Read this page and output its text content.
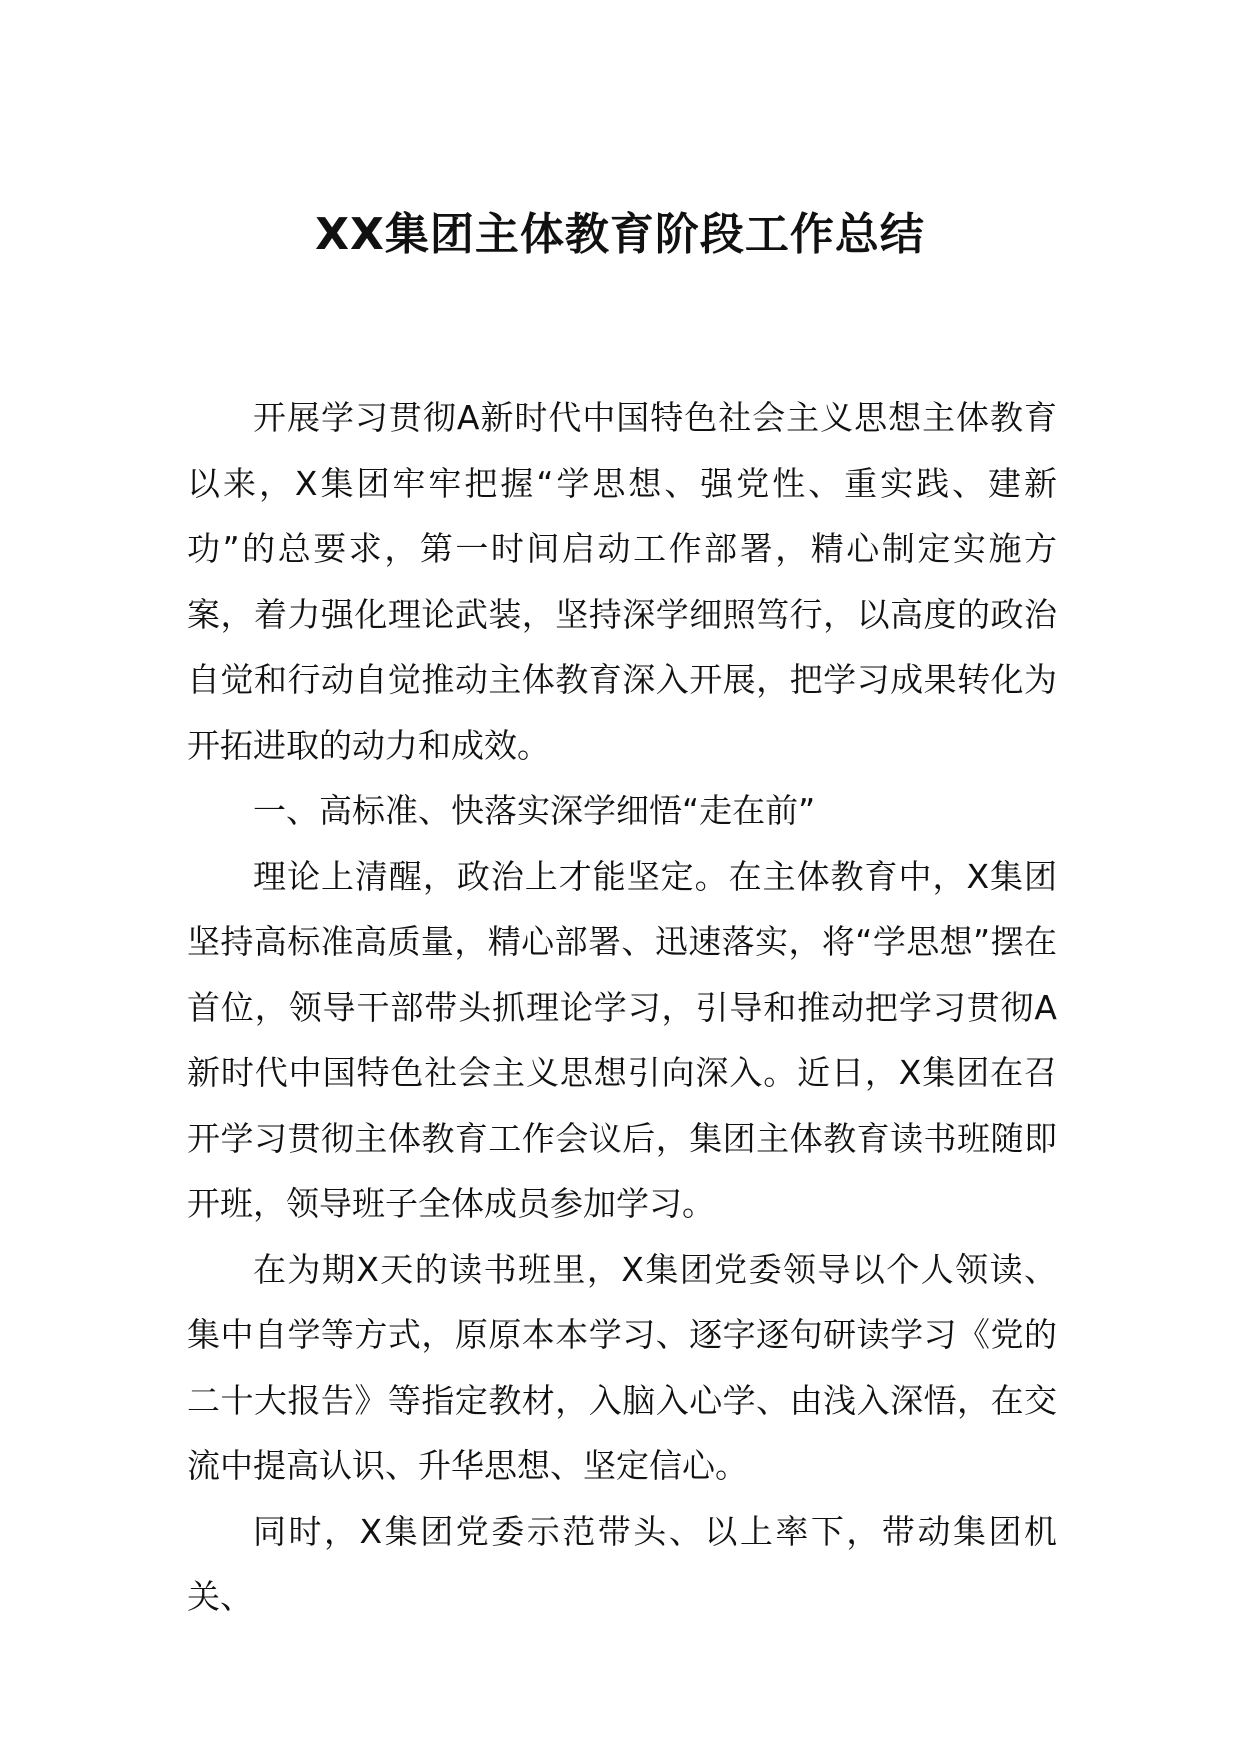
XX集团主体教育阶段工作总结

开展学习贯彻A新时代中国特色社会主义思想主体教育以来，X集团牢牢把握“学思想、强党性、重实践、建新功”的总要求，第一时间启动工作部署，精心制定实施方案，着力强化理论武装，坚持深学细照笃行，以高度的政治自觉和行动自觉推动主体教育深入开展，把学习成果转化为开拓进取的动力和成效。

一、高标准、快落实深学细悟“走在前”

理论上清醒，政治上才能坚定。在主体教育中，X集团坚持高标准高质量，精心部署、迅速落实，将“学思想”摆在首位，领导干部带头抓理论学习，引导和推动把学习贯彻A新时代中国特色社会主义思想引向深入。近日，X集团在召开学习贯彻主体教育工作会议后，集团主体教育读书班随即开班，领导班子全体成员参加学习。

在为期X天的读书班里，X集团党委领导以个人领读、集中自学等方式，原原本本学习、逐字逐句研读学习《党的二十大报告》等指定教材，入脑入心学、由浅入深悟，在交流中提高认识、升华思想、坚定信心。

同时，X集团党委示范带头、以上率下，带动集团机关、
